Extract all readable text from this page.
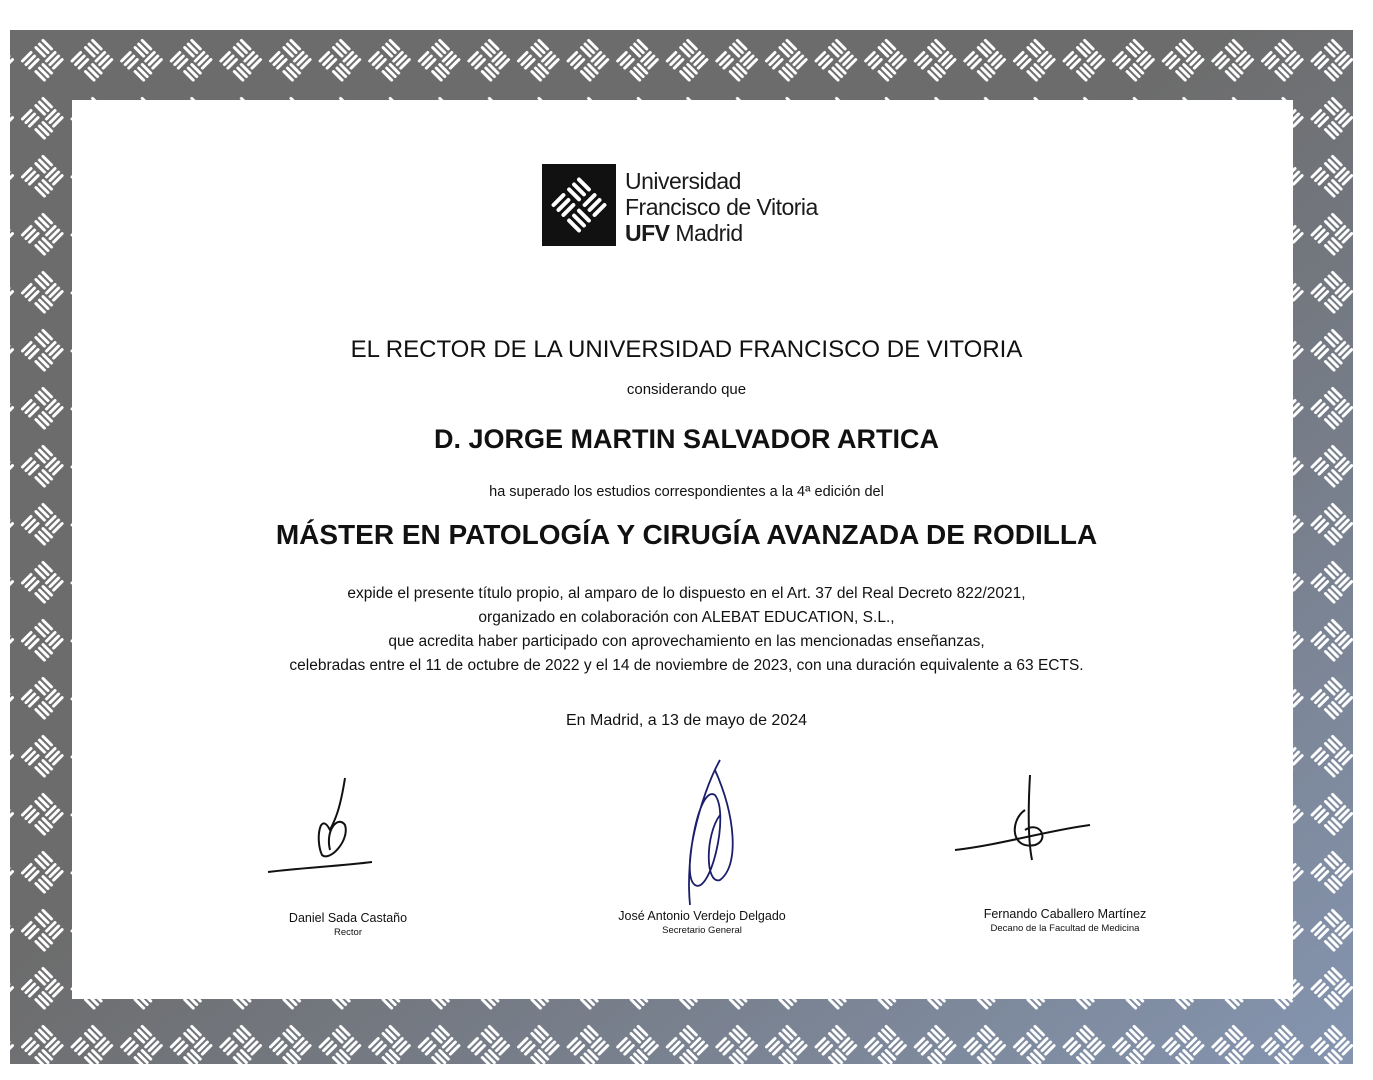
Universidad
Francisco de Vitoria
UFV Madrid
EL RECTOR DE LA UNIVERSIDAD FRANCISCO DE VITORIA
considerando que
D. JORGE MARTIN SALVADOR ARTICA
ha superado los estudios correspondientes a la 4ª edición del
MÁSTER EN PATOLOGÍA Y CIRUGÍA AVANZADA DE RODILLA
expide el presente título propio, al amparo de lo dispuesto en el Art. 37 del Real Decreto 822/2021,
organizado en colaboración con ALEBAT EDUCATION, S.L.,
que acredita haber participado con aprovechamiento en las mencionadas enseñanzas,
celebradas entre el 11 de octubre de 2022 y el 14 de noviembre de 2023, con una duración equivalente a 63 ECTS.
En Madrid, a 13 de mayo de 2024
Daniel Sada Castaño
Rector
José Antonio Verdejo Delgado
Secretario General
Fernando Caballero Martínez
Decano de la Facultad de Medicina
